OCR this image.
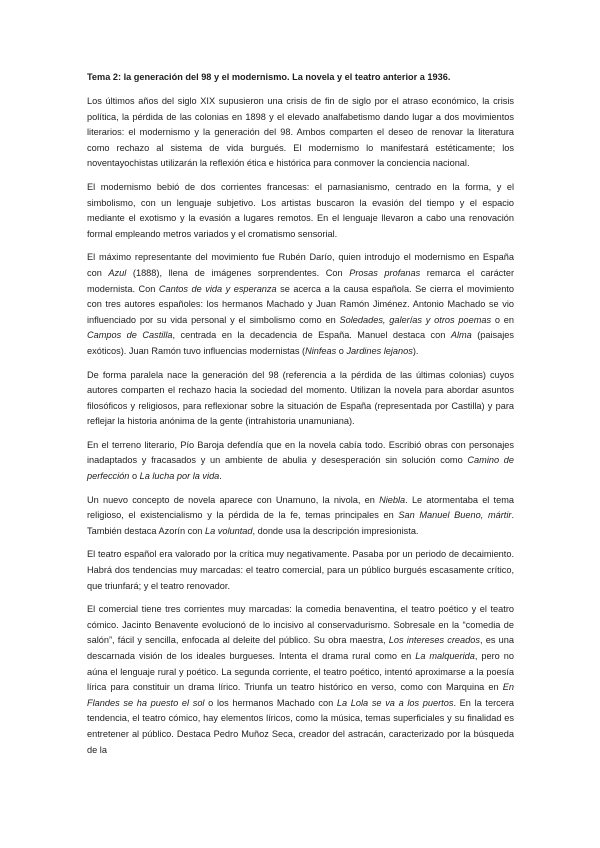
Tema 2: la generación del 98 y el modernismo. La novela y el teatro anterior a 1936.

Los últimos años del siglo XIX supusieron una crisis de fin de siglo por el atraso económico, la crisis política, la pérdida de las colonias en 1898 y el elevado analfabetismo dando lugar a dos movimientos literarios: el modernismo y la generación del 98. Ambos comparten el deseo de renovar la literatura como rechazo al sistema de vida burgués. El modernismo lo manifestará estéticamente; los noventayochistas utilizarán la reflexión ética e histórica para conmover la conciencia nacional.

El modernismo bebió de dos corrientes francesas: el parnasianismo, centrado en la forma, y el simbolismo, con un lenguaje subjetivo. Los artistas buscaron la evasión del tiempo y el espacio mediante el exotismo y la evasión a lugares remotos. En el lenguaje llevaron a cabo una renovación formal empleando metros variados y el cromatismo sensorial.

El máximo representante del movimiento fue Rubén Darío, quien introdujo el modernismo en España con Azul (1888), llena de imágenes sorprendentes. Con Prosas profanas remarca el carácter modernista. Con Cantos de vida y esperanza se acerca a la causa española. Se cierra el movimiento con tres autores españoles: los hermanos Machado y Juan Ramón Jiménez. Antonio Machado se vio influenciado por su vida personal y el simbolismo como en Soledades, galerías y otros poemas o en Campos de Castilla, centrada en la decadencia de España. Manuel destaca con Alma (paisajes exóticos). Juan Ramón tuvo influencias modernistas (Ninfeas o Jardines lejanos).

De forma paralela nace la generación del 98 (referencia a la pérdida de las últimas colonias) cuyos autores comparten el rechazo hacia la sociedad del momento. Utilizan la novela para abordar asuntos filosóficos y religiosos, para reflexionar sobre la situación de España (representada por Castilla) y para reflejar la historia anónima de la gente (intrahistoria unamuniana).

En el terreno literario, Pío Baroja defendía que en la novela cabía todo. Escribió obras con personajes inadaptados y fracasados y un ambiente de abulia y desesperación sin solución como Camino de perfección o La lucha por la vida.

Un nuevo concepto de novela aparece con Unamuno, la nivola, en Niebla. Le atormentaba el tema religioso, el existencialismo y la pérdida de la fe, temas principales en San Manuel Bueno, mártir. También destaca Azorín con La voluntad, donde usa la descripción impresionista.

El teatro español era valorado por la crítica muy negativamente. Pasaba por un periodo de decaimiento. Habrá dos tendencias muy marcadas: el teatro comercial, para un público burgués escasamente crítico, que triunfará; y el teatro renovador.

El comercial tiene tres corrientes muy marcadas: la comedia benaventina, el teatro poético y el teatro cómico. Jacinto Benavente evolucionó de lo incisivo al conservadurismo. Sobresale en la “comedia de salón”, fácil y sencilla, enfocada al deleite del público. Su obra maestra, Los intereses creados, es una descarnada visión de los ideales burgueses. Intenta el drama rural como en La malquerida, pero no aúna el lenguaje rural y poético. La segunda corriente, el teatro poético, intentó aproximarse a la poesía lírica para constituir un drama lírico. Triunfa un teatro histórico en verso, como con Marquina en En Flandes se ha puesto el sol o los hermanos Machado con La Lola se va a los puertos. En la tercera tendencia, el teatro cómico, hay elementos líricos, como la música, temas superficiales y su finalidad es entretener al público. Destaca Pedro Muñoz Seca, creador del astracán, caracterizado por la búsqueda de la
